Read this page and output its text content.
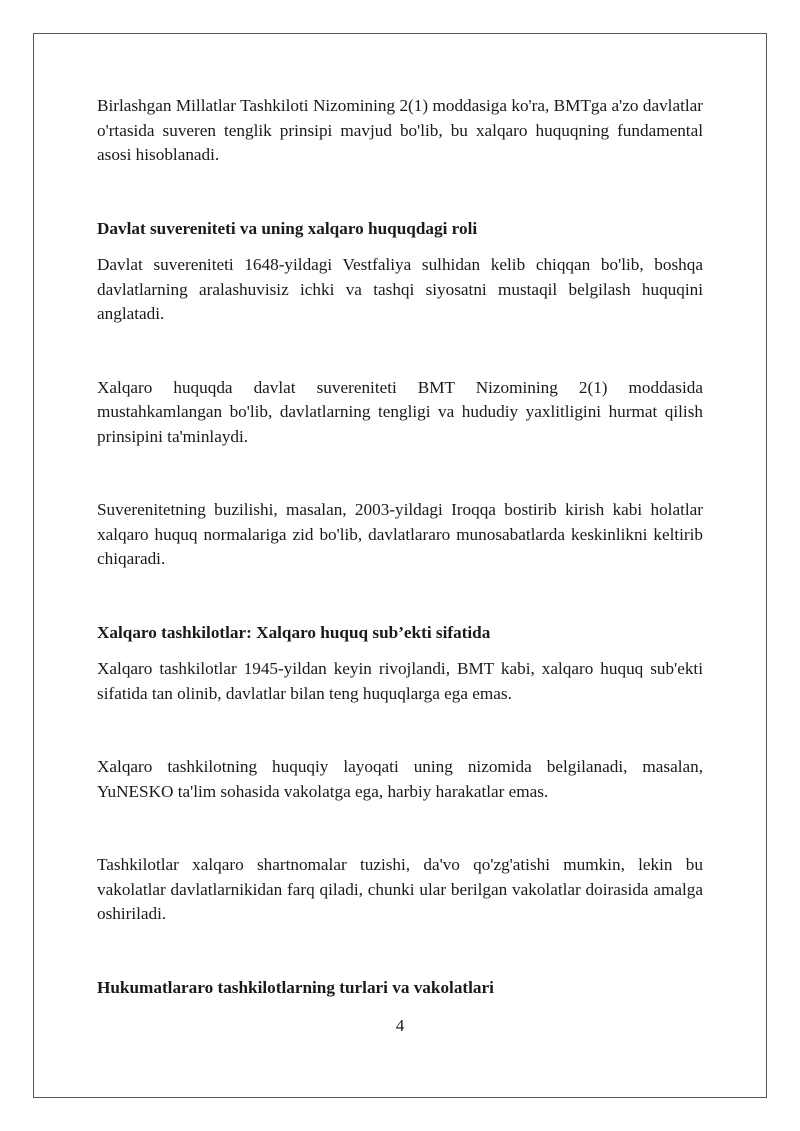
Birlashgan Millatlar Tashkiloti Nizomining 2(1) moddasiga ko'ra, BMTga a'zo davlatlar o'rtasida suveren tenglik prinsipi mavjud bo'lib, bu xalqaro huquqning fundamental asosi hisoblanadi.

Davlat suvereniteti va uning xalqaro huquqdagi roli

Davlat suvereniteti 1648-yildagi Vestfaliya sulhidan kelib chiqqan bo'lib, boshqa davlatlarning aralashuvisiz ichki va tashqi siyosatni mustaqil belgilash huquqini anglatadi.

Xalqaro huquqda davlat suvereniteti BMT Nizomining 2(1) moddasida mustahkamlangan bo'lib, davlatlarning tengligi va hududiy yaxlitligini hurmat qilish prinsipini ta'minlaydi.

Suverenitetning buzilishi, masalan, 2003-yildagi Iroqqa bostirib kirish kabi holatlar xalqaro huquq normalariga zid bo'lib, davlatlararo munosabatlarda keskinlikni keltirib chiqaradi.

Xalqaro tashkilotlar: Xalqaro huquq sub’ekti sifatida

Xalqaro tashkilotlar 1945-yildan keyin rivojlandi, BMT kabi, xalqaro huquq sub'ekti sifatida tan olinib, davlatlar bilan teng huquqlarga ega emas.

Xalqaro tashkilotning huquqiy layoqati uning nizomida belgilanadi, masalan, YuNESKO ta'lim sohasida vakolatga ega, harbiy harakatlar emas.

Tashkilotlar xalqaro shartnomalar tuzishi, da'vo qo'zg'atishi mumkin, lekin bu vakolatlar davlatlarnikidan farq qiladi, chunki ular berilgan vakolatlar doirasida amalga oshiriladi.

Hukumatlararo tashkilotlarning turlari va vakolatlari
4
